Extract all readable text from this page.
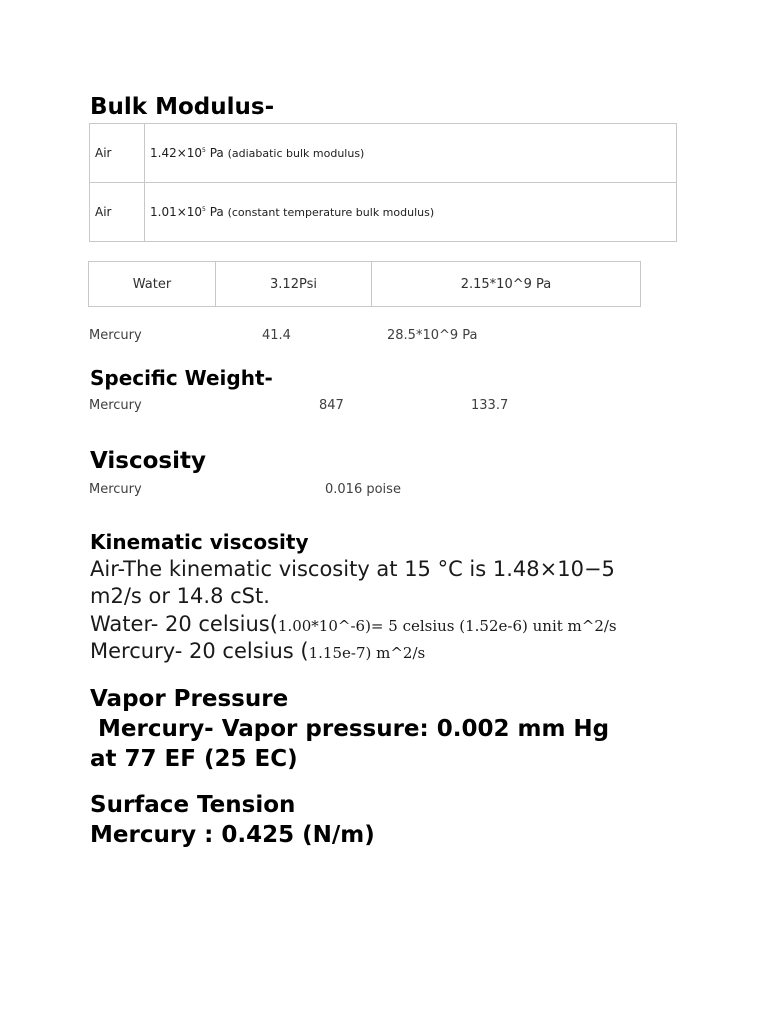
Bulk Modulus-
Air	$1.42\times 10^5$ Pa (adiabatic bulk modulus)
Air	$1.01\times 10^5$ Pa (constant temperature bulk modulus)
Water	3.12Psi	2.15*10^9 Pa
Mercury	41.4	28.5*10^9 Pa
Specific Weight-
Mercury	847	133.7
Viscosity
Mercury	0.016 poise
Kinematic viscosity
Air-The kinematic viscosity at 15 °C is 1.48×10−5
m2/s or 14.8 cSt.
Water- 20 celsius(1.00*10^-6)= 5 celsius (1.52e-6) unit m^2/s
Mercury- 20 celsius (1.15e-7) m^2/s
Vapor Pressure
Mercury- Vapor pressure: 0.002 mm Hg
at 77 EF (25 EC)
Surface Tension
Mercury : 0.425 (N/m)
